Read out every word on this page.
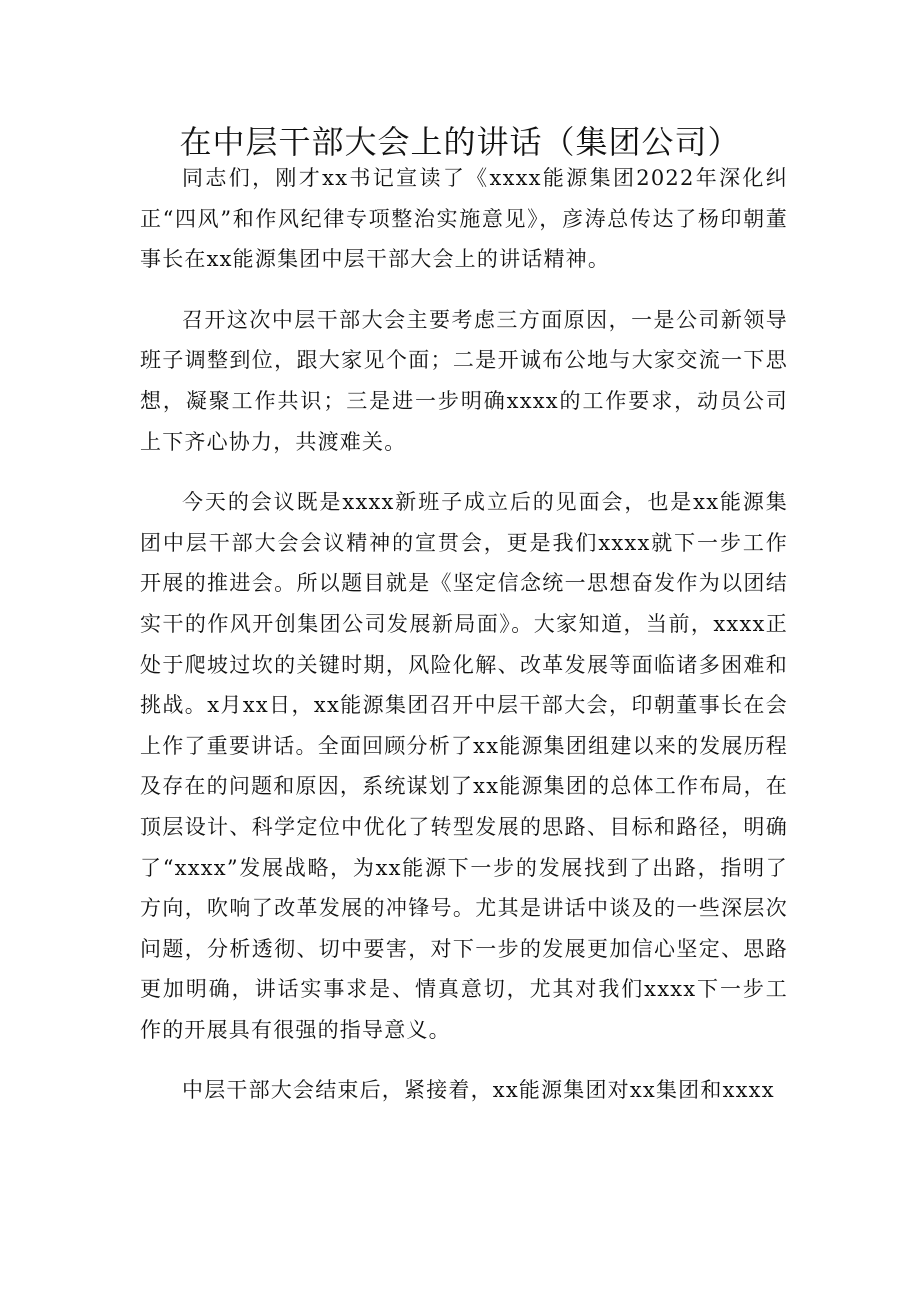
在中层干部大会上的讲话（集团公司）

同志们，刚才xx书记宣读了《xxxx能源集团2022年深化纠正“四风”和作风纪律专项整治实施意见》，彦涛总传达了杨印朝董事长在xx能源集团中层干部大会上的讲话精神。

召开这次中层干部大会主要考虑三方面原因，一是公司新领导班子调整到位，跟大家见个面；二是开诚布公地与大家交流一下思想，凝聚工作共识；三是进一步明确xxxx的工作要求，动员公司上下齐心协力，共渡难关。

今天的会议既是xxxx新班子成立后的见面会，也是xx能源集团中层干部大会会议精神的宣贯会，更是我们xxxx就下一步工作开展的推进会。所以题目就是《坚定信念统一思想奋发作为以团结实干的作风开创集团公司发展新局面》。大家知道，当前，xxxx正处于爬坡过坎的关键时期，风险化解、改革发展等面临诸多困难和挑战。x月xx日，xx能源集团召开中层干部大会，印朝董事长在会上作了重要讲话。全面回顾分析了xx能源集团组建以来的发展历程及存在的问题和原因，系统谋划了xx能源集团的总体工作布局，在顶层设计、科学定位中优化了转型发展的思路、目标和路径，明确了“xxxx”发展战略，为xx能源下一步的发展找到了出路，指明了方向，吹响了改革发展的冲锋号。尤其是讲话中谈及的一些深层次问题，分析透彻、切中要害，对下一步的发展更加信心坚定、思路更加明确，讲话实事求是、情真意切，尤其对我们xxxx下一步工作的开展具有很强的指导意义。

中层干部大会结束后，紧接着，xx能源集团对xx集团和xxxx
